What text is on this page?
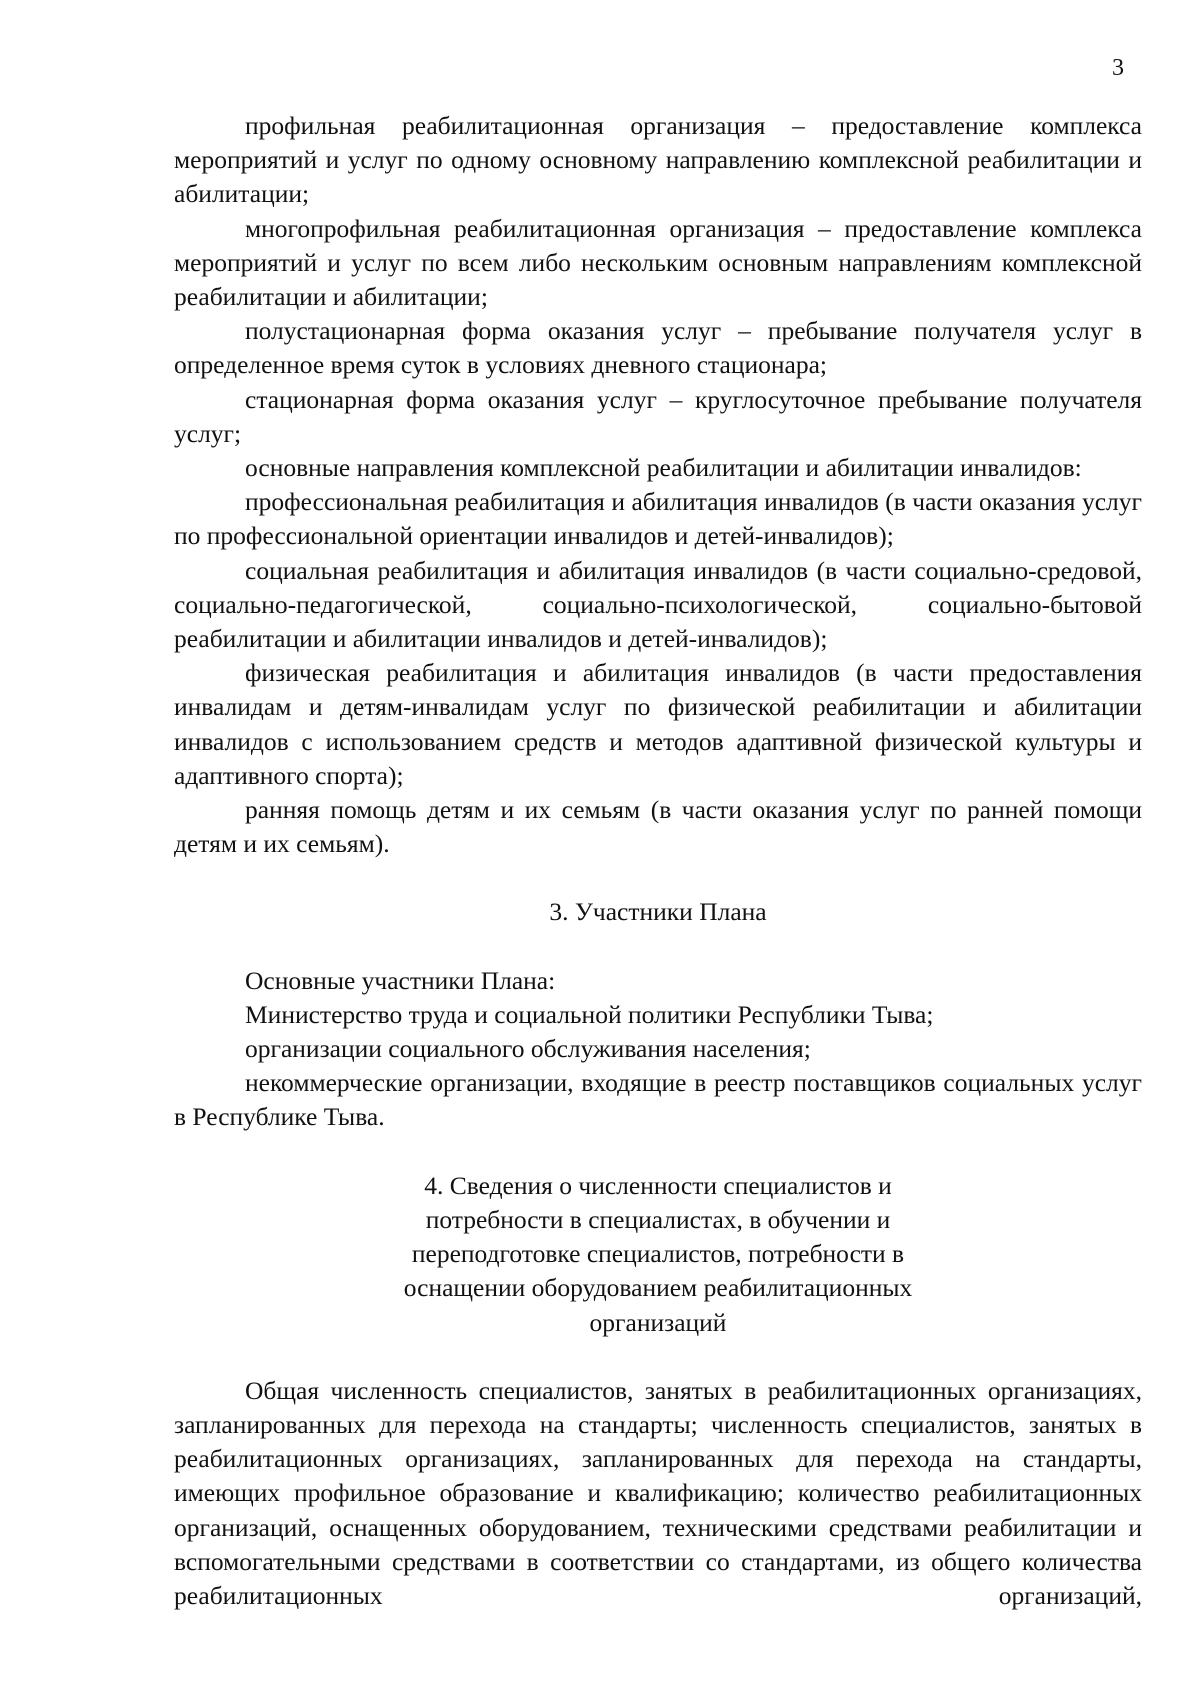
3

профильная реабилитационная организация – предоставление комплекса мероприятий и услуг по одному основному направлению комплексной реабилитации и абилитации;

многопрофильная реабилитационная организация – предоставление комплекса мероприятий и услуг по всем либо нескольким основным направлениям комплексной реабилитации и абилитации;

полустационарная форма оказания услуг – пребывание получателя услуг в определенное время суток в условиях дневного стационара;

стационарная форма оказания услуг – круглосуточное пребывание получателя услуг;

основные направления комплексной реабилитации и абилитации инвалидов:

профессиональная реабилитация и абилитация инвалидов (в части оказания услуг по профессиональной ориентации инвалидов и детей-инвалидов);

социальная реабилитация и абилитация инвалидов (в части социально-средовой, социально-педагогической, социально-психологической, социально-бытовой реабилитации и абилитации инвалидов и детей-инвалидов);

физическая реабилитация и абилитация инвалидов (в части предоставления инвалидам и детям-инвалидам услуг по физической реабилитации и абилитации инвалидов с использованием средств и методов адаптивной физической культуры и адаптивного спорта);

ранняя помощь детям и их семьям (в части оказания услуг по ранней помощи детям и их семьям).

3. Участники Плана

Основные участники Плана:

Министерство труда и социальной политики Республики Тыва;

организации социального обслуживания населения;

некоммерческие организации, входящие в реестр поставщиков социальных услуг в Республике Тыва.

4. Сведения о численности специалистов и потребности в специалистах, в обучении и переподготовке специалистов, потребности в оснащении оборудованием реабилитационных организаций

Общая численность специалистов, занятых в реабилитационных организациях, запланированных для перехода на стандарты; численность специалистов, занятых в реабилитационных организациях, запланированных для перехода на стандарты, имеющих профильное образование и квалификацию; количество реабилитационных организаций, оснащенных оборудованием, техническими средствами реабилитации и вспомогательными средствами в соответствии со стандартами, из общего количества реабилитационных организаций,
